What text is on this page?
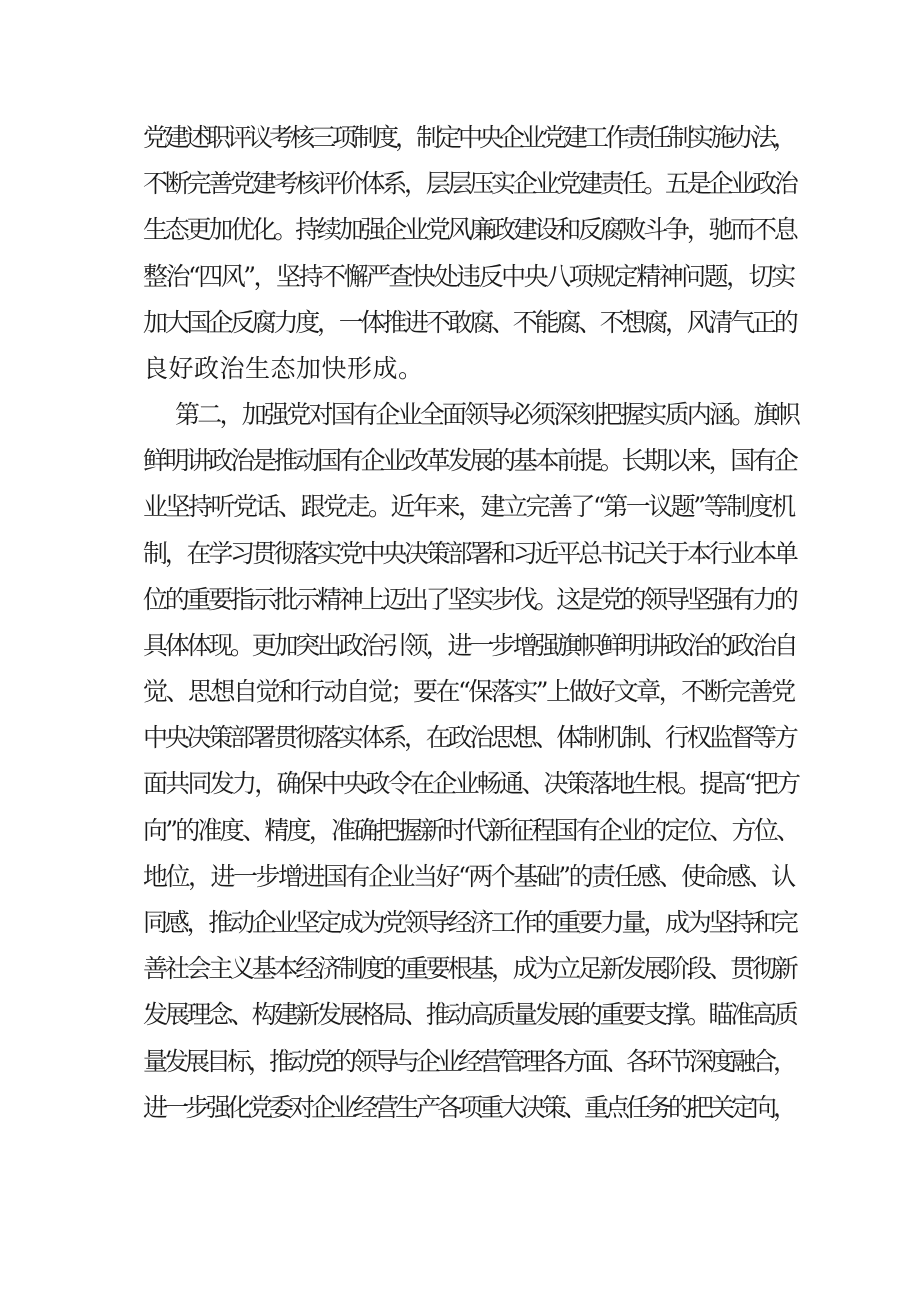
党建述职评议考核三项制度，制定中央企业党建工作责任制实施办法，

不断完善党建考核评价体系，层层压实企业党建责任。五是企业政治

生态更加优化。持续加强企业党风廉政建设和反腐败斗争，驰而不息

整治“四风”，坚持不懈严查快处违反中央八项规定精神问题，切实

加大国企反腐力度，一体推进不敢腐、不能腐、不想腐，风清气正的

良好政治生态加快形成。

第二，加强党对国有企业全面领导必须深刻把握实质内涵。旗帜

鲜明讲政治是推动国有企业改革发展的基本前提。长期以来，国有企

业坚持听党话、跟党走。近年来，建立完善了“第一议题”等制度机

制，在学习贯彻落实党中央决策部署和习近平总书记关于本行业本单

位的重要指示批示精神上迈出了坚实步伐。这是党的领导坚强有力的

具体体现。更加突出政治引领，进一步增强旗帜鲜明讲政治的政治自

觉、思想自觉和行动自觉；要在“保落实”上做好文章，不断完善党

中央决策部署贯彻落实体系，在政治思想、体制机制、行权监督等方

面共同发力，确保中央政令在企业畅通、决策落地生根。提高“把方

向”的准度、精度，准确把握新时代新征程国有企业的定位、方位、

地位，进一步增进国有企业当好“两个基础”的责任感、使命感、认

同感，推动企业坚定成为党领导经济工作的重要力量，成为坚持和完

善社会主义基本经济制度的重要根基，成为立足新发展阶段、贯彻新

发展理念、构建新发展格局、推动高质量发展的重要支撑。瞄准高质

量发展目标，推动党的领导与企业经营管理各方面、各环节深度融合，

进一步强化党委对企业经营生产各项重大决策、重点任务的把关定向，
